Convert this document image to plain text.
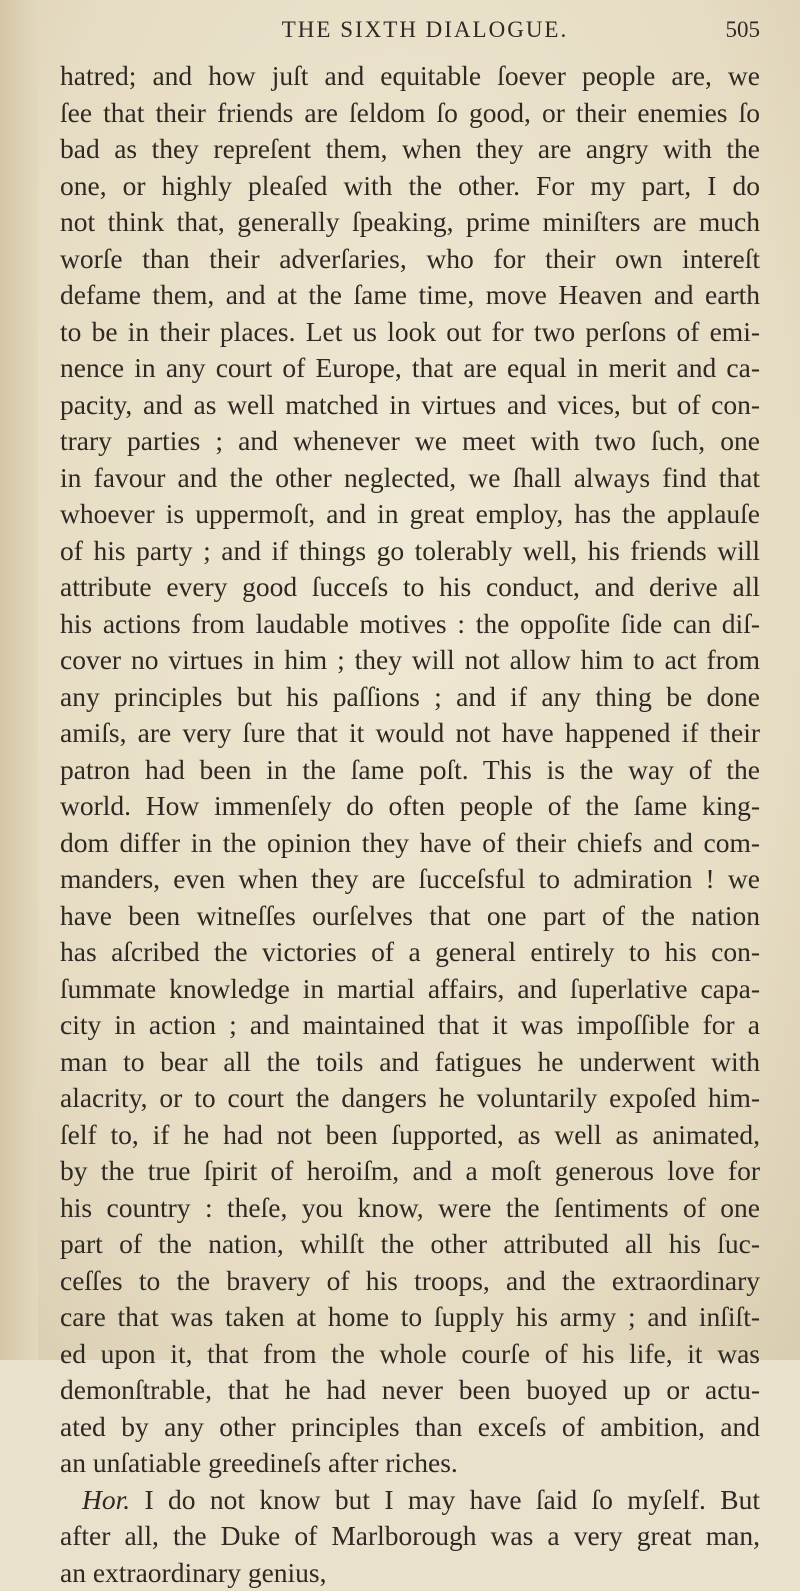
THE SIXTH DIALOGUE.	505
hatred; and how juſt and equitable ſoever people are, we
ſee that their friends are ſeldom ſo good, or their enemies ſo
bad as they repreſent them, when they are angry with the
one, or highly pleaſed with the other. For my part, I do
not think that, generally ſpeaking, prime miniſters are much
worſe than their adverſaries, who for their own intereſt
defame them, and at the ſame time, move Heaven and earth
to be in their places. Let us look out for two perſons of emi-
nence in any court of Europe, that are equal in merit and ca-
pacity, and as well matched in virtues and vices, but of con-
trary parties ; and whenever we meet with two ſuch, one
in favour and the other neglected, we ſhall always find that
whoever is uppermoſt, and in great employ, has the applauſe
of his party ; and if things go tolerably well, his friends will
attribute every good ſucceſs to his conduct, and derive all
his actions from laudable motives : the oppoſite ſide can diſ-
cover no virtues in him ; they will not allow him to act from
any principles but his paſſions ; and if any thing be done
amiſs, are very ſure that it would not have happened if their
patron had been in the ſame poſt. This is the way of the
world. How immenſely do often people of the ſame king-
dom differ in the opinion they have of their chiefs and com-
manders, even when they are ſucceſsful to admiration ! we
have been witneſſes ourſelves that one part of the nation
has aſcribed the victories of a general entirely to his con-
ſummate knowledge in martial affairs, and ſuperlative capa-
city in action ; and maintained that it was impoſſible for a
man to bear all the toils and fatigues he underwent with
alacrity, or to court the dangers he voluntarily expoſed him-
ſelf to, if he had not been ſupported, as well as animated,
by the true ſpirit of heroiſm, and a moſt generous love for
his country : theſe, you know, were the ſentiments of one
part of the nation, whilſt the other attributed all his ſuc-
ceſſes to the bravery of his troops, and the extraordinary
care that was taken at home to ſupply his army ; and inſiſt-
ed upon it, that from the whole courſe of his life, it was
demonſtrable, that he had never been buoyed up or actu-
ated by any other principles than exceſs of ambition, and
an unſatiable greedineſs after riches.
Hor. I do not know but I may have ſaid ſo myſelf. But
after all, the Duke of Marlborough was a very great man,
an extraordinary genius,
